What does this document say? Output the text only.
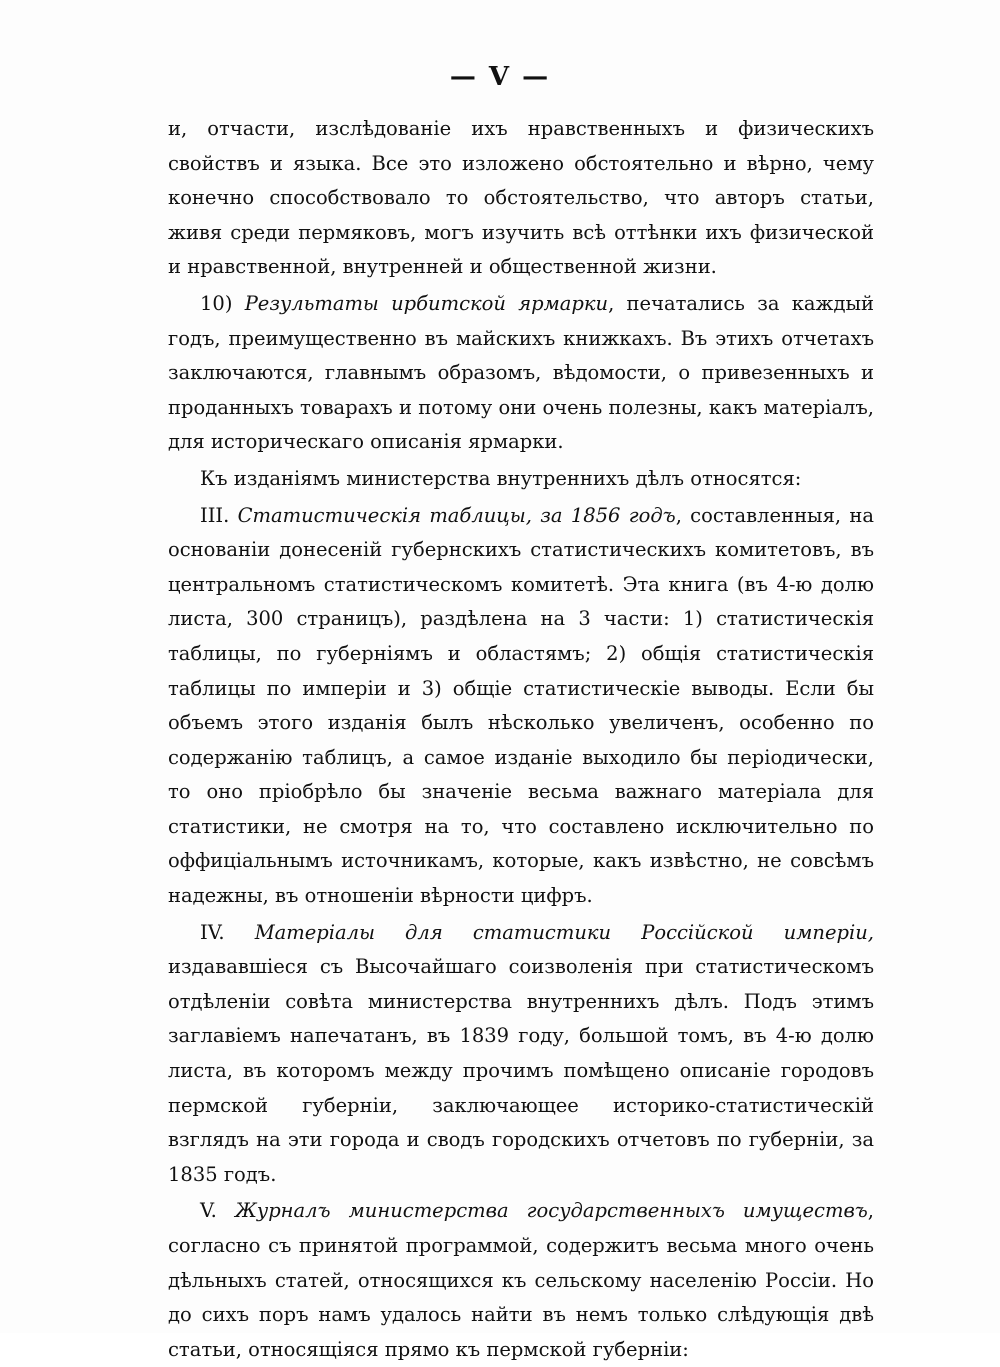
— V —

и, отчасти, изслѣдованіе ихъ нравственныхъ и физическихъ свойствъ и языка. Все это изложено обстоятельно и вѣрно, чему конечно способствовало то обстоятельство, что авторъ статьи, живя среди пермяковъ, могъ изучить всѣ оттѣнки ихъ физической и нравственной, внутренней и общественной жизни.

10) Результаты ирбитской ярмарки, печатались за каждый годъ, преимущественно въ майскихъ книжкахъ. Въ этихъ отчетахъ заключаются, главнымъ образомъ, вѣдомости, о привезенныхъ и проданныхъ товарахъ и потому они очень полезны, какъ матеріалъ, для историческаго описанія ярмарки.

Къ изданіямъ министерства внутреннихъ дѣлъ относятся:

III. Статистическія таблицы, за 1856 годъ, составленныя, на основаніи донесеній губернскихъ статистическихъ комитетовъ, въ центральномъ статистическомъ комитетѣ. Эта книга (въ 4-ю долю листа, 300 страницъ), раздѣлена на 3 части: 1) статистическія таблицы, по губерніямъ и областямъ; 2) общія статистическія таблицы по имперіи и 3) общіе статистическіе выводы. Если бы объемъ этого изданія былъ нѣсколько увеличенъ, особенно по содержанію таблицъ, а самое изданіе выходило бы періодически, то оно пріобрѣло бы значеніе весьма важнаго матеріала для статистики, не смотря на то, что составлено исключительно по оффиціальнымъ источникамъ, которые, какъ извѣстно, не совсѣмъ надежны, въ отношеніи вѣрности цифръ.

IV. Матеріалы для статистики Россійской имперіи, издававшіеся съ Высочайшаго соизволенія при статистическомъ отдѣленіи совѣта министерства внутреннихъ дѣлъ. Подъ этимъ заглавіемъ напечатанъ, въ 1839 году, большой томъ, въ 4-ю долю листа, въ которомъ между прочимъ помѣщено описаніе городовъ пермской губерніи, заключающее историко-статистическій взглядъ на эти города и сводъ городскихъ отчетовъ по губерніи, за 1835 годъ.

V. Журналъ министерства государственныхъ имуществъ, согласно съ принятой программой, содержитъ весьма много очень дѣльныхъ статей, относящихся къ сельскому населенію Россіи. Но до сихъ поръ намъ удалось найти въ немъ только слѣдующія двѣ статьи, относящіяся прямо къ пермской губерніи:
